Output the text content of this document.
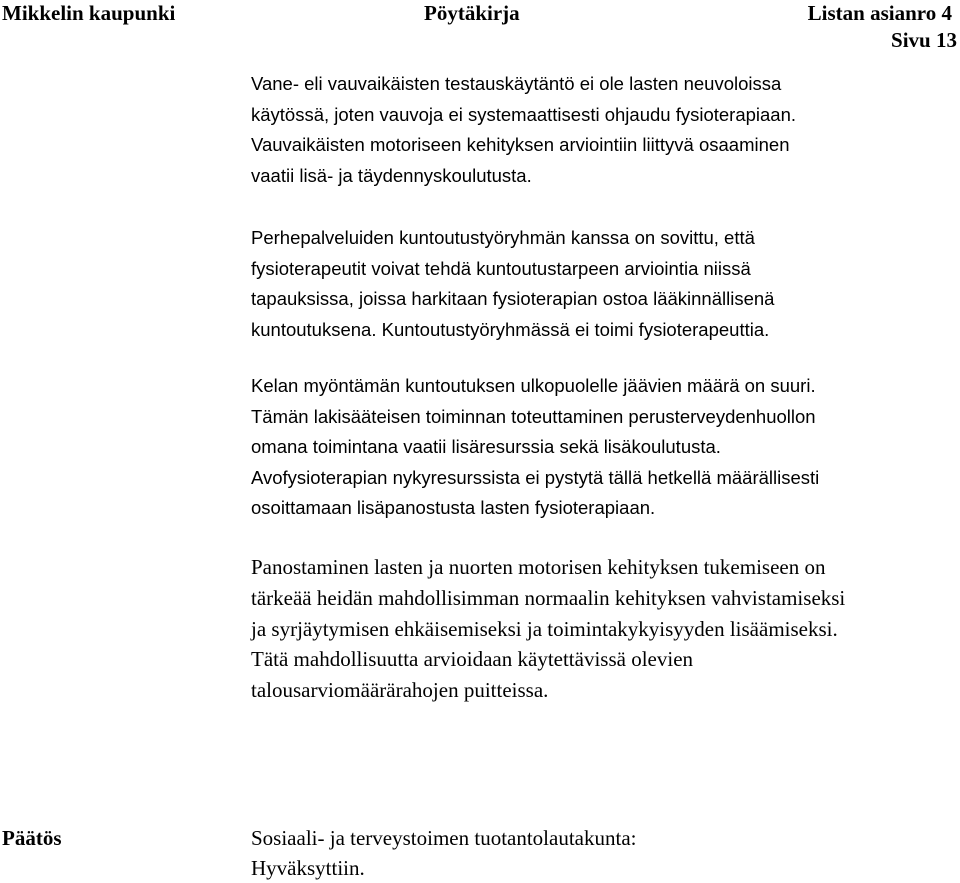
Mikkelin kaupunki	Pöytäkirja	Listan asianro 4
Sivu 13
Vane- eli vauvaikäisten testauskäytäntö ei ole lasten neuvoloissa
käytössä, joten vauvoja ei systemaattisesti ohjaudu fysioterapiaan.
Vauvaikäisten motoriseen kehityksen arviointiin liittyvä osaaminen
vaatii lisä- ja täydennyskoulutusta.
Perhepalveluiden kuntoutustyöryhmän kanssa on sovittu, että
fysioterapeutit voivat tehdä kuntoutustarpeen arviointia niissä
tapauksissa, joissa harkitaan fysioterapian ostoa lääkinnällisenä
kuntoutuksena. Kuntoutustyöryhmässä ei toimi fysioterapeuttia.
Kelan myöntämän kuntoutuksen ulkopuolelle jäävien määrä on suuri.
Tämän lakisääteisen toiminnan toteuttaminen perusterveydenhuollon
omana toimintana vaatii lisäresurssia sekä lisäkoulutusta.
Avofysioterapian nykyresurssista ei pystytä tällä hetkellä määrällisesti
osoittamaan lisäpanostusta lasten fysioterapiaan.
Panostaminen lasten ja nuorten motorisen kehityksen tukemiseen on
tärkeää heidän mahdollisimman normaalin kehityksen vahvistamiseksi
ja syrjäytymisen ehkäisemiseksi ja toimintakykyisyyden lisäämiseksi.
Tätä mahdollisuutta arvioidaan käytettävissä olevien
talousarviomäärärahojen puitteissa.
Päätös	Sosiaali- ja terveystoimen tuotantolautakunta:
Hyväksyttiin.
